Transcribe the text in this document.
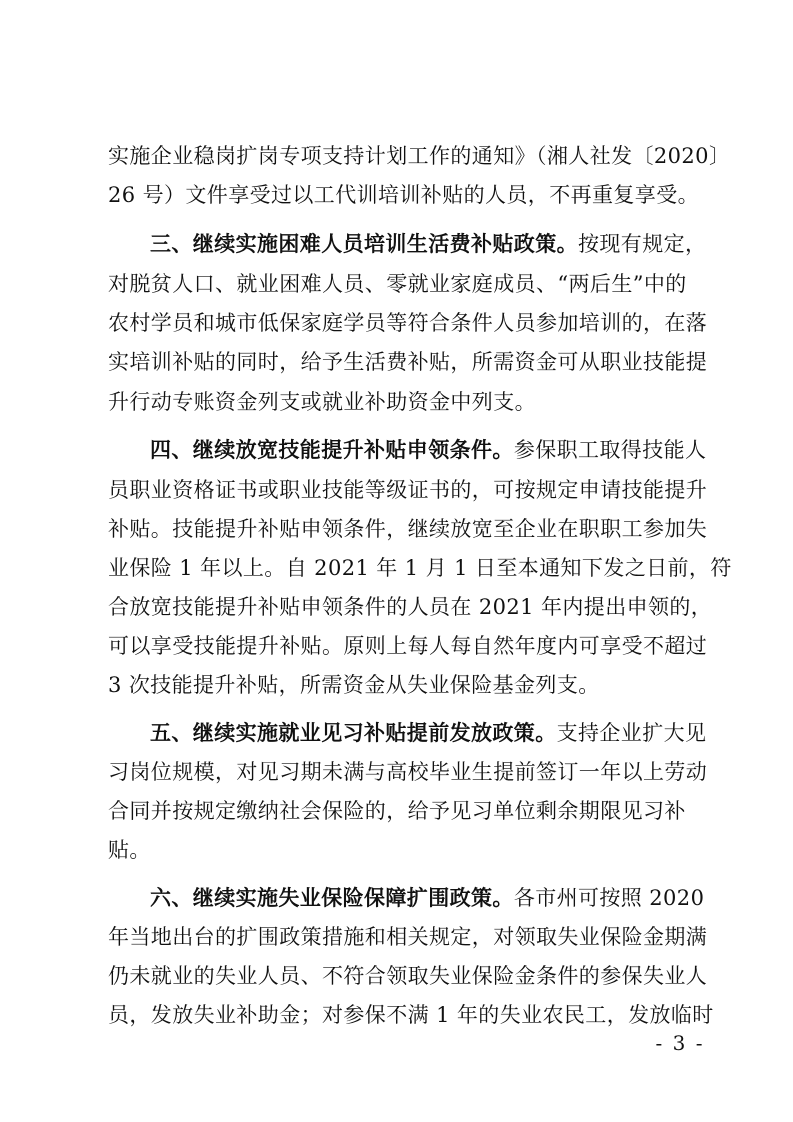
实施企业稳岗扩岗专项支持计划工作的通知》（湘人社发〔2020〕
26 号）文件享受过以工代训培训补贴的人员，不再重复享受。
三、继续实施困难人员培训生活费补贴政策。按现有规定，
对脱贫人口、就业困难人员、零就业家庭成员、“两后生”中的
农村学员和城市低保家庭学员等符合条件人员参加培训的，在落
实培训补贴的同时，给予生活费补贴，所需资金可从职业技能提
升行动专账资金列支或就业补助资金中列支。
四、继续放宽技能提升补贴申领条件。参保职工取得技能人
员职业资格证书或职业技能等级证书的，可按规定申请技能提升
补贴。技能提升补贴申领条件，继续放宽至企业在职职工参加失
业保险 1 年以上。自 2021 年 1 月 1 日至本通知下发之日前，符
合放宽技能提升补贴申领条件的人员在 2021 年内提出申领的，
可以享受技能提升补贴。原则上每人每自然年度内可享受不超过
3 次技能提升补贴，所需资金从失业保险基金列支。
五、继续实施就业见习补贴提前发放政策。支持企业扩大见
习岗位规模，对见习期未满与高校毕业生提前签订一年以上劳动
合同并按规定缴纳社会保险的，给予见习单位剩余期限见习补
贴。
六、继续实施失业保险保障扩围政策。各市州可按照 2020
年当地出台的扩围政策措施和相关规定，对领取失业保险金期满
仍未就业的失业人员、不符合领取失业保险金条件的参保失业人
员，发放失业补助金；对参保不满 1 年的失业农民工，发放临时
- 3 -
